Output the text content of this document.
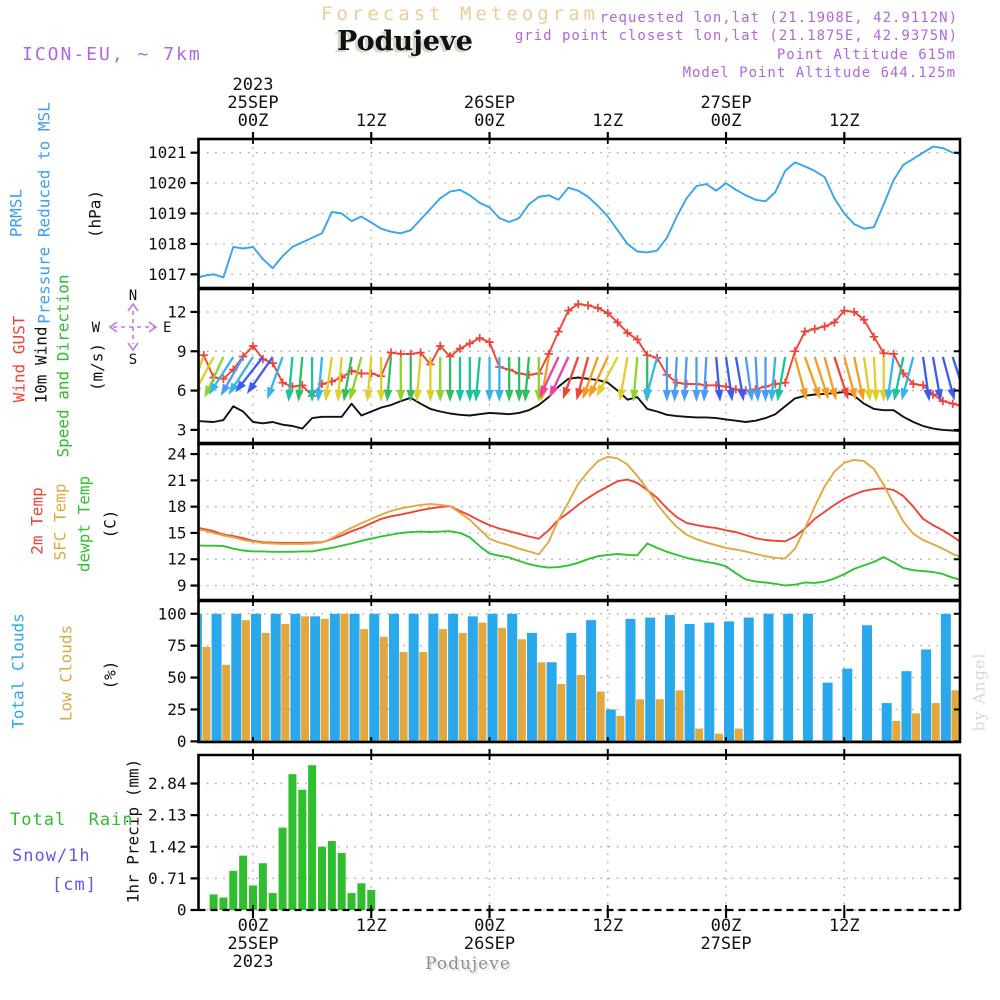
Forecast Meteogram
Podujeve
requested lon,lat (21.1908E, 42.9112N)
grid point closest lon,lat (21.1875E, 42.9375N)
Point Altitude 615m
Model Point Altitude 644.125m
ICON-EU, ~ 7km
PRMSL Pressure Reduced to MSL (hPa)
Wind GUST 10m Wind Speed and Direction (m/s)
2m Temp SFC Temp dewpt Temp (C)
Total Clouds Low Clouds (%)
1hr Precip (mm)
Total  Rain
Snow/1h
[cm]
by Angel
Podujeve
1017
1018
1019
1020
1021
3
6
9
12
9
12
15
18
21
24
0
25
50
75
100
0
0.71
1.42
2.13
2.84
00Z
25SEP
2023
00Z
25SEP
2023
12Z
12Z
00Z
26SEP
00Z
26SEP
12Z
12Z
00Z
27SEP
00Z
27SEP
12Z
12Z
N
S
W	E
